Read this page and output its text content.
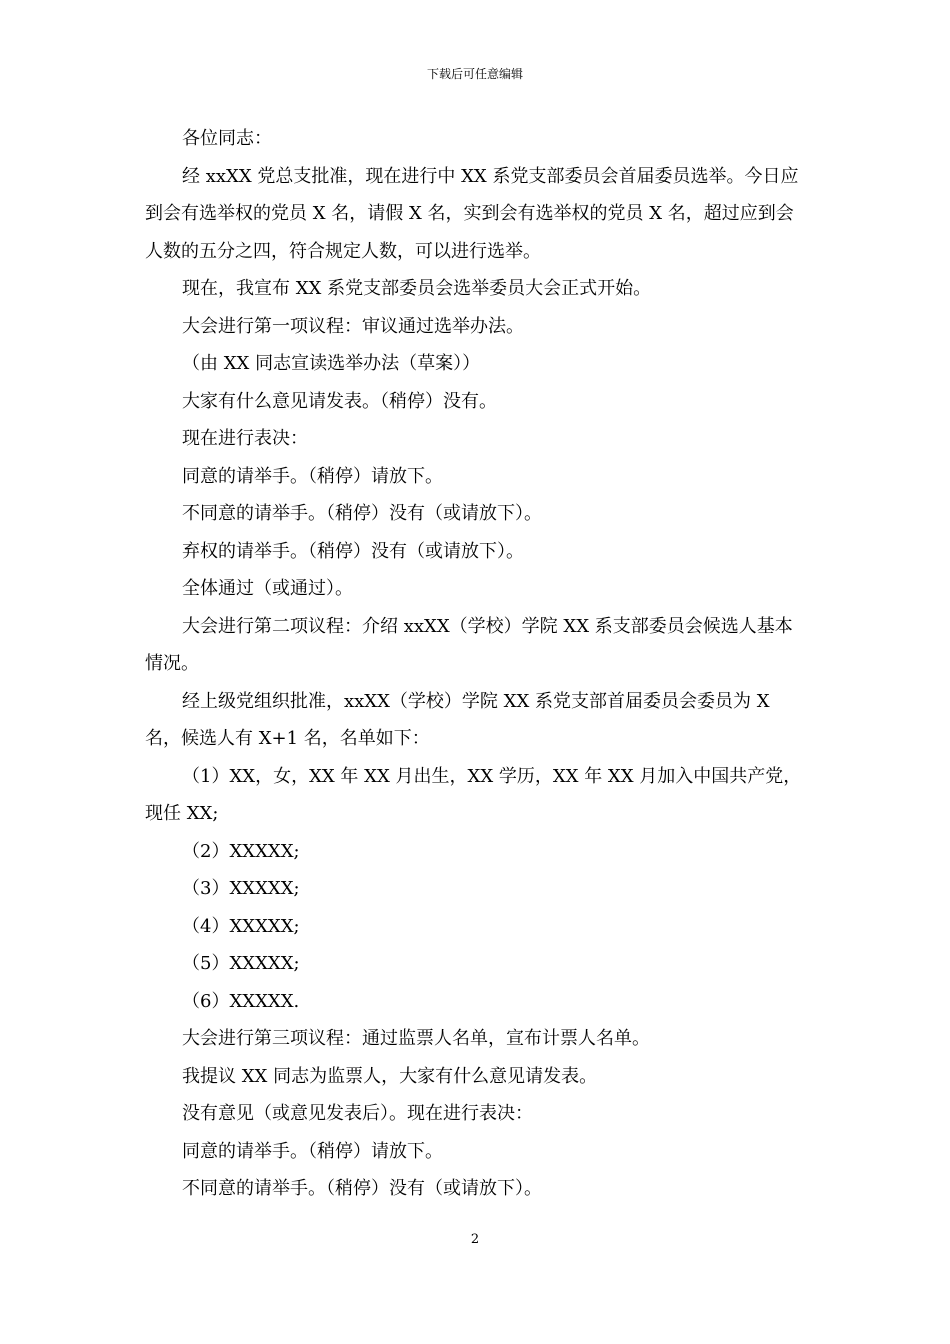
下载后可任意编辑

各位同志：

经 xxXX 党总支批准，现在进行中 XX 系党支部委员会首届委员选举。今日应到会有选举权的党员 X 名，请假 X 名，实到会有选举权的党员 X 名，超过应到会人数的五分之四，符合规定人数，可以进行选举。

现在，我宣布 XX 系党支部委员会选举委员大会正式开始。

大会进行第一项议程：审议通过选举办法。

（由 XX 同志宣读选举办法（草案））

大家有什么意见请发表。（稍停）没有。

现在进行表决：

同意的请举手。（稍停）请放下。

不同意的请举手。（稍停）没有（或请放下）。

弃权的请举手。（稍停）没有（或请放下）。

全体通过（或通过）。

大会进行第二项议程：介绍 xxXX（学校）学院 XX 系支部委员会候选人基本情况。

经上级党组织批准，xxXX（学校）学院 XX 系党支部首届委员会委员为 X 名，候选人有 X+1 名，名单如下：

（1）XX，女，XX 年 XX 月出生，XX 学历，XX 年 XX 月加入中国共产党，现任 XX;

（2）XXXXX;

（3）XXXXX;

（4）XXXXX;

（5）XXXXX;

（6）XXXXX.

大会进行第三项议程：通过监票人名单，宣布计票人名单。

我提议 XX 同志为监票人，大家有什么意见请发表。

没有意见（或意见发表后）。现在进行表决：

同意的请举手。（稍停）请放下。

不同意的请举手。（稍停）没有（或请放下）。

2
